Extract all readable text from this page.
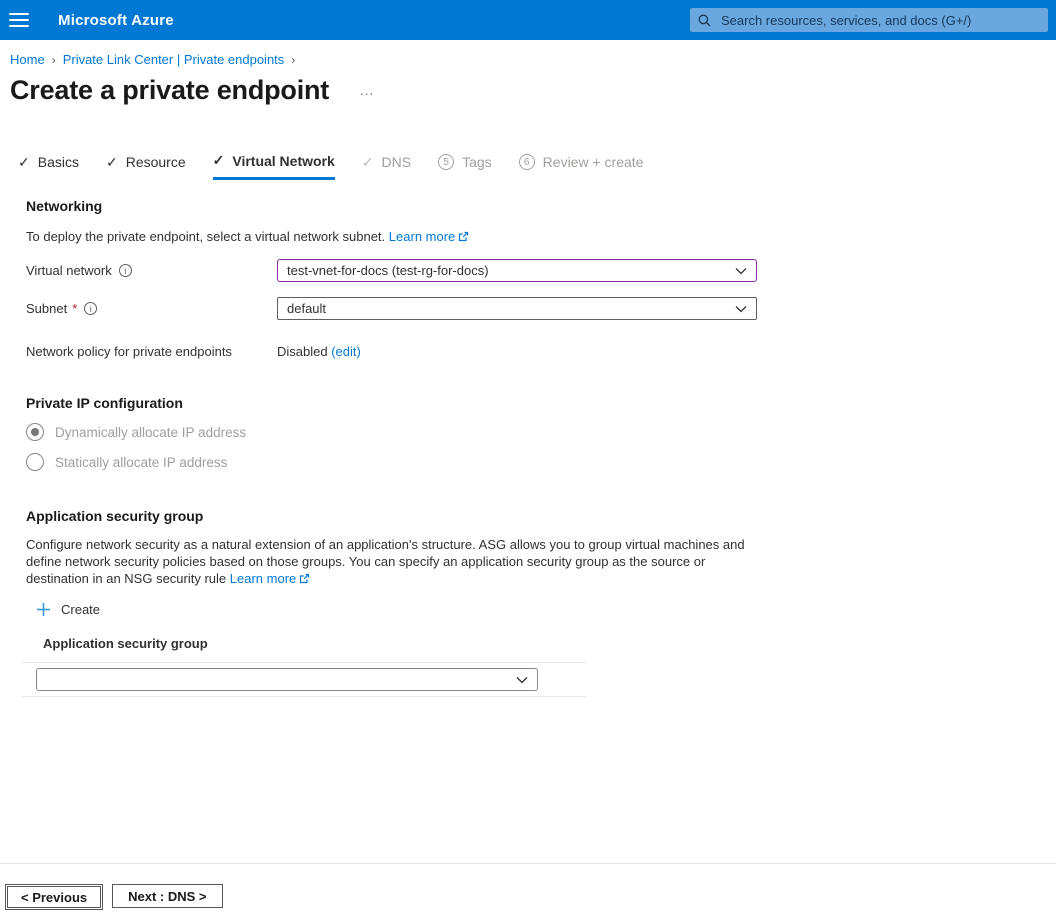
Microsoft Azure
Search resources, services, and docs (G+/)
Home › Private Link Center | Private endpoints ›
Create a private endpoint …
✓ Basics ✓ Resource ✓ Virtual Network ✓ DNS	5 Tags	6 Review + create
Networking
To deploy the private endpoint, select a virtual network subnet. Learn more
Virtual network	i	test-vnet-for-docs (test-rg-for-docs)
Subnet *	i	default
Network policy for private endpoints	Disabled (edit)
Private IP configuration
Dynamically allocate IP address
Statically allocate IP address
Application security group
Configure network security as a natural extension of an application's structure. ASG allows you to group virtual machines and define network security policies based on those groups. You can specify an application security group as the source or destination in an NSG security rule Learn more
Create
Application security group
< Previous	Next : DNS >
